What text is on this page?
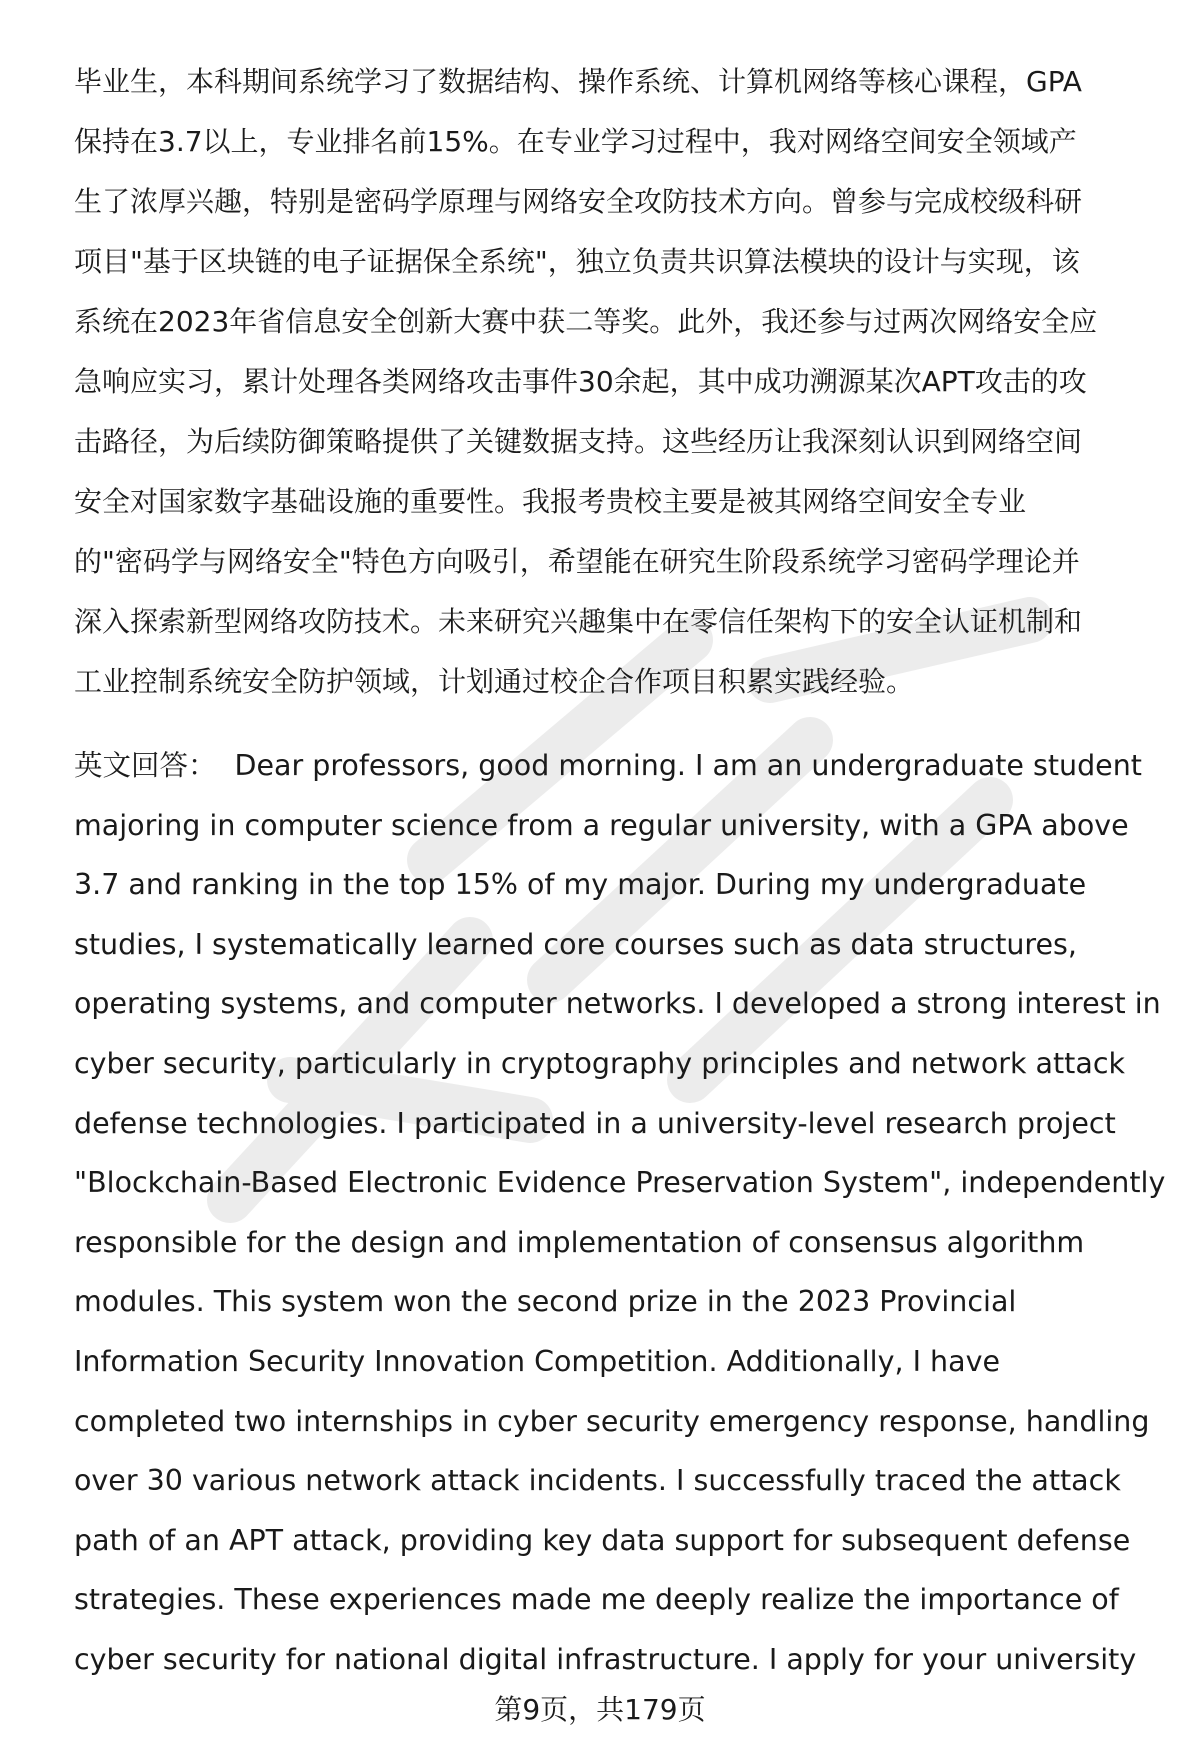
毕业生，本科期间系统学习了数据结构、操作系统、计算机网络等核心课程，GPA
保持在3.7以上，专业排名前15%。在专业学习过程中，我对网络空间安全领域产
生了浓厚兴趣，特别是密码学原理与网络安全攻防技术方向。曾参与完成校级科研
项目"基于区块链的电子证据保全系统"，独立负责共识算法模块的设计与实现，该
系统在2023年省信息安全创新大赛中获二等奖。此外，我还参与过两次网络安全应
急响应实习，累计处理各类网络攻击事件30余起，其中成功溯源某次APT攻击的攻
击路径，为后续防御策略提供了关键数据支持。这些经历让我深刻认识到网络空间
安全对国家数字基础设施的重要性。我报考贵校主要是被其网络空间安全专业
的"密码学与网络安全"特色方向吸引，希望能在研究生阶段系统学习密码学理论并
深入探索新型网络攻防技术。未来研究兴趣集中在零信任架构下的安全认证机制和
工业控制系统安全防护领域，计划通过校企合作项目积累实践经验。
英文回答： Dear professors, good morning. I am an undergraduate student
majoring in computer science from a regular university, with a GPA above
3.7 and ranking in the top 15% of my major. During my undergraduate
studies, I systematically learned core courses such as data structures,
operating systems, and computer networks. I developed a strong interest in
cyber security, particularly in cryptography principles and network attack
defense technologies. I participated in a university-level research project
"Blockchain-Based Electronic Evidence Preservation System", independently
responsible for the design and implementation of consensus algorithm
modules. This system won the second prize in the 2023 Provincial
Information Security Innovation Competition. Additionally, I have
completed two internships in cyber security emergency response, handling
over 30 various network attack incidents. I successfully traced the attack
path of an APT attack, providing key data support for subsequent defense
strategies. These experiences made me deeply realize the importance of
cyber security for national digital infrastructure. I apply for your university
第9页，共179页
